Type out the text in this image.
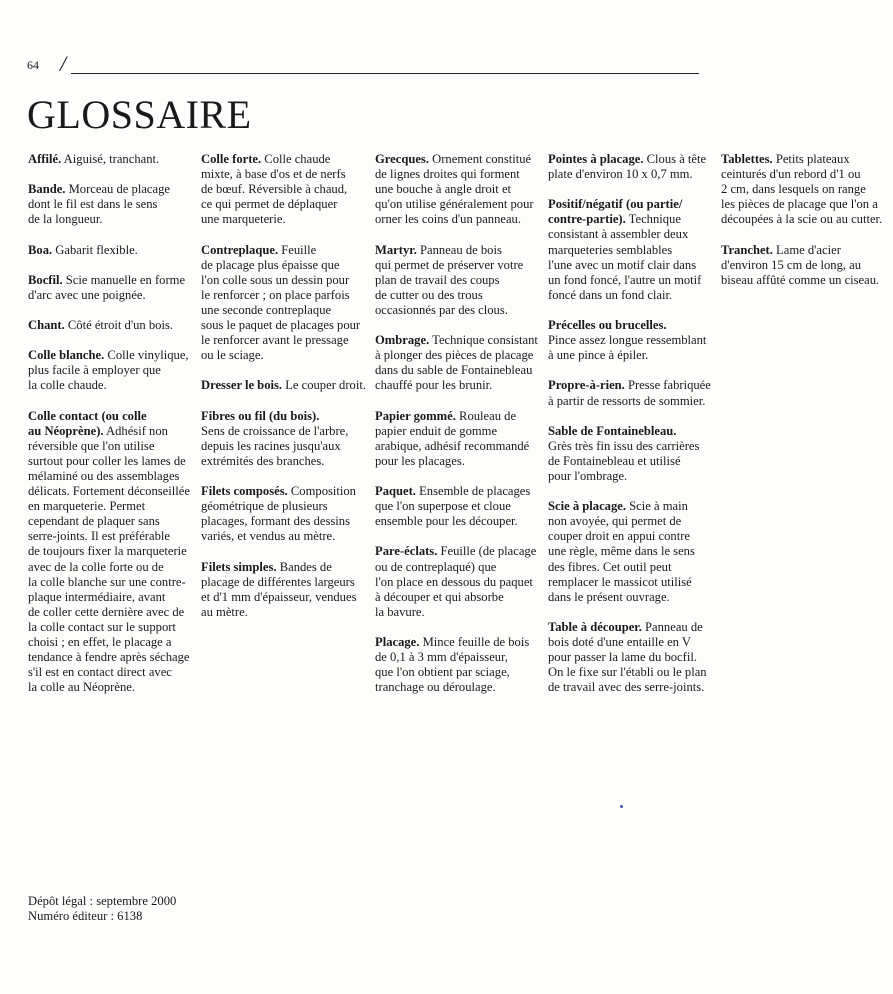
64 /
GLOSSAIRE

Affilé. Aiguisé, tranchant.

Bande. Morceau de placage
dont le fil est dans le sens
de la longueur.

Boa. Gabarit flexible.

Bocfil. Scie manuelle en forme
d'arc avec une poignée.

Chant. Côté étroit d'un bois.

Colle blanche. Colle vinylique,
plus facile à employer que
la colle chaude.

Colle contact (ou colle
au Néoprène). Adhésif non
réversible que l'on utilise
surtout pour coller les lames de
mélaminé ou des assemblages
délicats. Fortement déconseillée
en marqueterie. Permet
cependant de plaquer sans
serre-joints. Il est préférable
de toujours fixer la marqueterie
avec de la colle forte ou de
la colle blanche sur une contre-
plaque intermédiaire, avant
de coller cette dernière avec de
la colle contact sur le support
choisi ; en effet, le placage a
tendance à fendre après séchage
s'il est en contact direct avec
la colle au Néoprène.

Colle forte. Colle chaude
mixte, à base d'os et de nerfs
de bœuf. Réversible à chaud,
ce qui permet de déplaquer
une marqueterie.

Contreplaque. Feuille
de placage plus épaisse que
l'on colle sous un dessin pour
le renforcer ; on place parfois
une seconde contreplaque
sous le paquet de placages pour
le renforcer avant le pressage
ou le sciage.

Dresser le bois. Le couper droit.

Fibres ou fil (du bois).
Sens de croissance de l'arbre,
depuis les racines jusqu'aux
extrémités des branches.

Filets composés. Composition
géométrique de plusieurs
placages, formant des dessins
variés, et vendus au mètre.

Filets simples. Bandes de
placage de différentes largeurs
et d'1 mm d'épaisseur, vendues
au mètre.

Grecques. Ornement constitué
de lignes droites qui forment
une bouche à angle droit et
qu'on utilise généralement pour
orner les coins d'un panneau.

Martyr. Panneau de bois
qui permet de préserver votre
plan de travail des coups
de cutter ou des trous
occasionnés par des clous.

Ombrage. Technique consistant
à plonger des pièces de placage
dans du sable de Fontainebleau
chauffé pour les brunir.

Papier gommé. Rouleau de
papier enduit de gomme
arabique, adhésif recommandé
pour les placages.

Paquet. Ensemble de placages
que l'on superpose et cloue
ensemble pour les découper.

Pare-éclats. Feuille (de placage
ou de contreplaqué) que
l'on place en dessous du paquet
à découper et qui absorbe
la bavure.

Placage. Mince feuille de bois
de 0,1 à 3 mm d'épaisseur,
que l'on obtient par sciage,
tranchage ou déroulage.

Pointes à placage. Clous à tête
plate d'environ 10 x 0,7 mm.

Positif/négatif (ou partie/
contre-partie). Technique
consistant à assembler deux
marqueteries semblables
l'une avec un motif clair dans
un fond foncé, l'autre un motif
foncé dans un fond clair.

Précelles ou brucelles.
Pince assez longue ressemblant
à une pince à épiler.

Propre-à-rien. Presse fabriquée
à partir de ressorts de sommier.

Sable de Fontainebleau.
Grès très fin issu des carrières
de Fontainebleau et utilisé
pour l'ombrage.

Scie à placage. Scie à main
non avoyée, qui permet de
couper droit en appui contre
une règle, même dans le sens
des fibres. Cet outil peut
remplacer le massicot utilisé
dans le présent ouvrage.

Table à découper. Panneau de
bois doté d'une entaille en V
pour passer la lame du bocfil.
On le fixe sur l'établi ou le plan
de travail avec des serre-joints.

Tablettes. Petits plateaux
ceinturés d'un rebord d'1 ou
2 cm, dans lesquels on range
les pièces de placage que l'on a
découpées à la scie ou au cutter.

Tranchet. Lame d'acier
d'environ 15 cm de long, au
biseau affûté comme un ciseau.

Dépôt légal : septembre 2000
Numéro éditeur : 6138
